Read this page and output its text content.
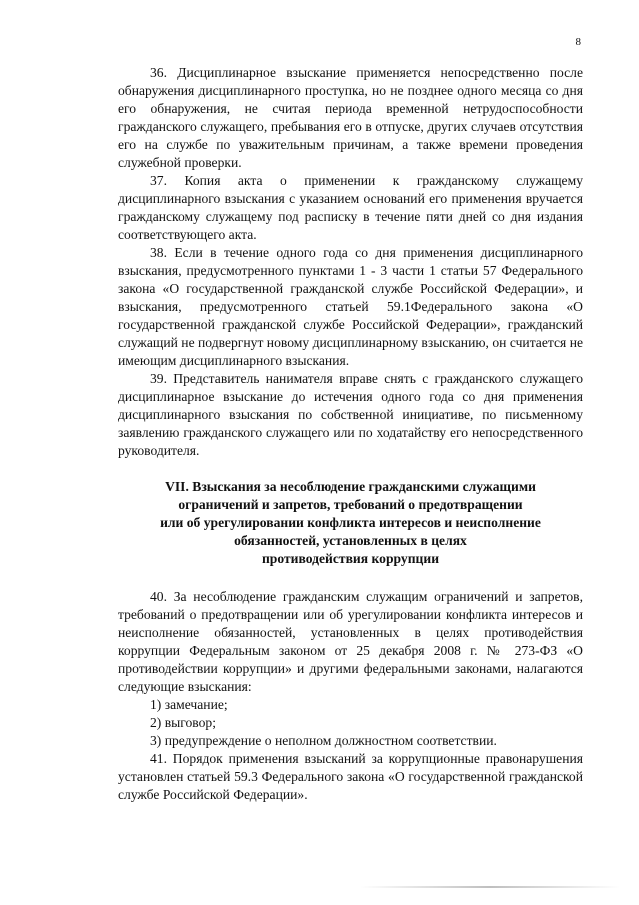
8

36. Дисциплинарное взыскание применяется непосредственно после обнаружения дисциплинарного проступка, но не позднее одного месяца со дня его обнаружения, не считая периода временной нетрудоспособности гражданского служащего, пребывания его в отпуске, других случаев отсутствия его на службе по уважительным причинам, а также времени проведения служебной проверки.

37. Копия акта о применении к гражданскому служащему дисциплинарного взыскания с указанием оснований его применения вручается гражданскому служащему под расписку в течение пяти дней со дня издания соответствующего акта.

38. Если в течение одного года со дня применения дисциплинарного взыскания, предусмотренного пунктами 1 - 3 части 1 статьи 57 Федерального закона «О государственной гражданской службе Российской Федерации», и взыскания, предусмотренного статьей 59.1Федерального закона «О государственной гражданской службе Российской Федерации», гражданский служащий не подвергнут новому дисциплинарному взысканию, он считается не имеющим дисциплинарного взыскания.

39. Представитель нанимателя вправе снять с гражданского служащего дисциплинарное взыскание до истечения одного года со дня применения дисциплинарного взыскания по собственной инициативе, по письменному заявлению гражданского служащего или по ходатайству его непосредственного руководителя.

VII. Взыскания за несоблюдение гражданскими служащими
ограничений и запретов, требований о предотвращении
или об урегулировании конфликта интересов и неисполнение
обязанностей, установленных в целях
противодействия коррупции

40. За несоблюдение гражданским служащим ограничений и запретов, требований о предотвращении или об урегулировании конфликта интересов и неисполнение обязанностей, установленных в целях противодействия коррупции Федеральным законом от 25 декабря 2008 г. № 273-ФЗ «О противодействии коррупции» и другими федеральными законами, налагаются следующие взыскания:

1) замечание;

2) выговор;

3) предупреждение о неполном должностном соответствии.

41. Порядок применения взысканий за коррупционные правонарушения установлен статьей 59.3 Федерального закона «О государственной гражданской службе Российской Федерации».
